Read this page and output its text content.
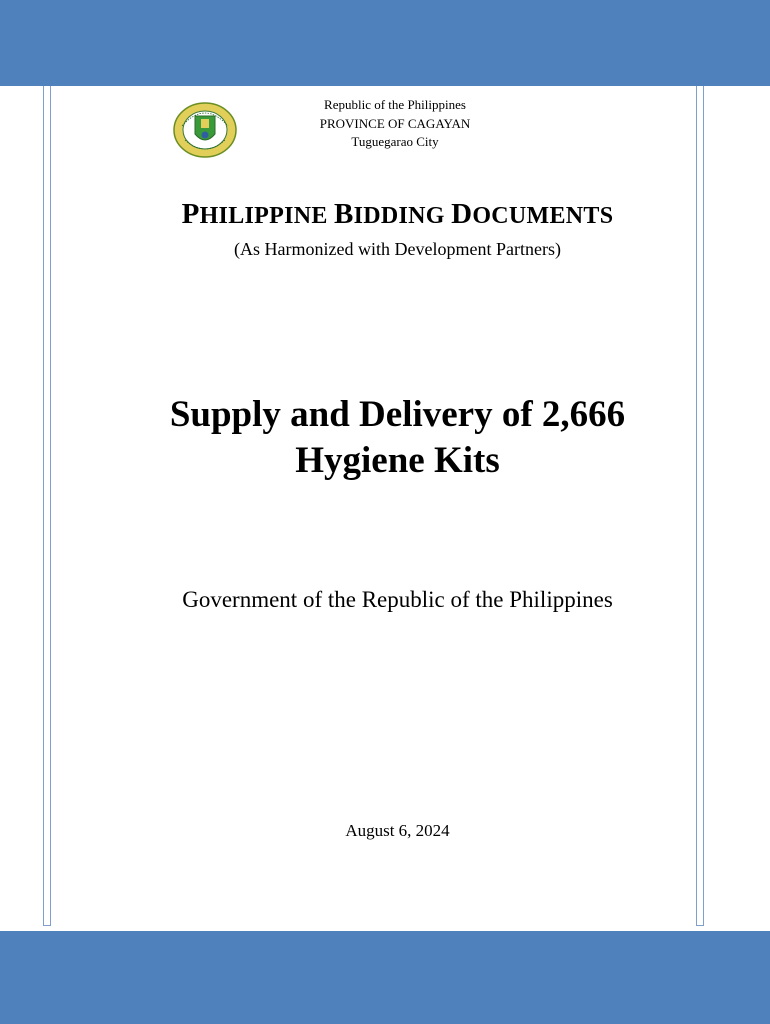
Republic of the Philippines
PROVINCE OF CAGAYAN
Tuguegarao City
PHILIPPINE BIDDING DOCUMENTS
(As Harmonized with Development Partners)
Supply and Delivery of 2,666
Hygiene Kits
Government of the Republic of the Philippines
August 6, 2024
